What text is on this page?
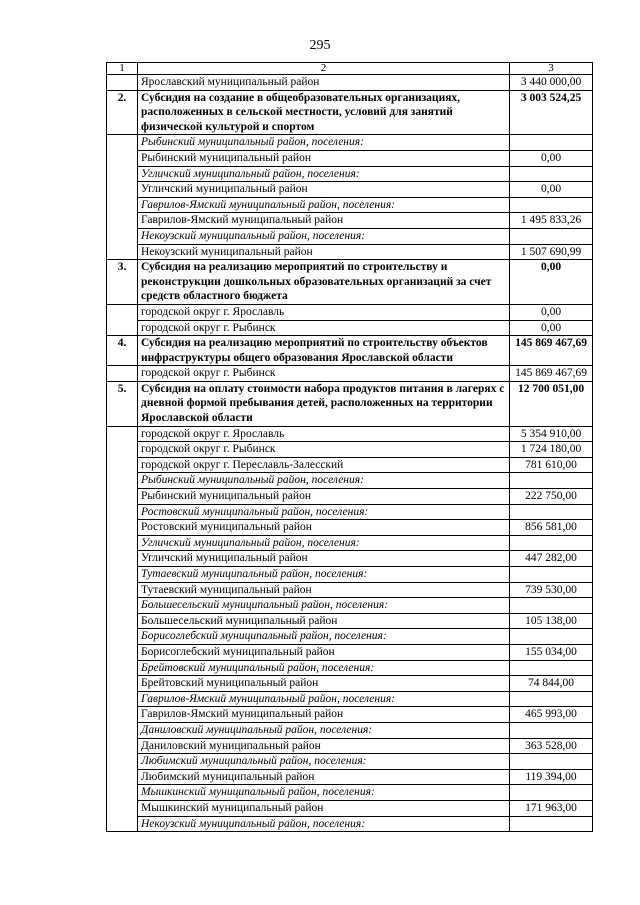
295
1	2	3
	Ярославский муниципальный район	3 440 000,00
2.	Субсидия на создание в общеобразовательных организациях, расположенных в сельской местности, условий для занятий физической культурой и спортом	3 003 524,25
	Рыбинский муниципальный район, поселения:	
	Рыбинский муниципальный район	0,00
	Угличский муниципальный район, поселения:	
	Угличский муниципальный район	0,00
	Гаврилов-Ямский муниципальный район, поселения:	
	Гаврилов-Ямский муниципальный район	1 495 833,26
	Некоузский муниципальный район, поселения:	
	Некоузский муниципальный район	1 507 690,99
3.	Субсидия на реализацию мероприятий по строительству и реконструкции дошкольных образовательных организаций за счет средств областного бюджета	0,00
	городской округ г. Ярославль	0,00
	городской округ г. Рыбинск	0,00
4.	Субсидия на реализацию мероприятий по строительству объектов инфраструктуры общего образования Ярославской области	145 869 467,69
	городской округ г. Рыбинск	145 869 467,69
5.	Субсидия на оплату стоимости набора продуктов питания в лагерях с дневной формой пребывания детей, расположенных на территории Ярославской области	12 700 051,00
	городской округ г. Ярославль	5 354 910,00
	городской округ г. Рыбинск	1 724 180,00
	городской округ г. Переславль-Залесский	781 610,00
	Рыбинский муниципальный район, поселения:	
	Рыбинский муниципальный район	222 750,00
	Ростовский муниципальный район, поселения:	
	Ростовский муниципальный район	856 581,00
	Угличский муниципальный район, поселения:	
	Угличский муниципальный район	447 282,00
	Тутаевский муниципальный район, поселения:	
	Тутаевский муниципальный район	739 530,00
	Большесельский муниципальный район, поселения:	
	Большесельский муниципальный район	105 138,00
	Борисоглебский муниципальный район, поселения:	
	Борисоглебский муниципальный район	155 034,00
	Брейтовский муниципальный район, поселения:	
	Брейтовский муниципальный район	74 844,00
	Гаврилов-Ямский муниципальный район, поселения:	
	Гаврилов-Ямский муниципальный район	465 993,00
	Даниловский муниципальный район, поселения:	
	Даниловский муниципальный район	363 528,00
	Любимский муниципальный район, поселения:	
	Любимский муниципальный район	119 394,00
	Мышкинский муниципальный район, поселения:	
	Мышкинский муниципальный район	171 963,00
	Некоузский муниципальный район, поселения:	
